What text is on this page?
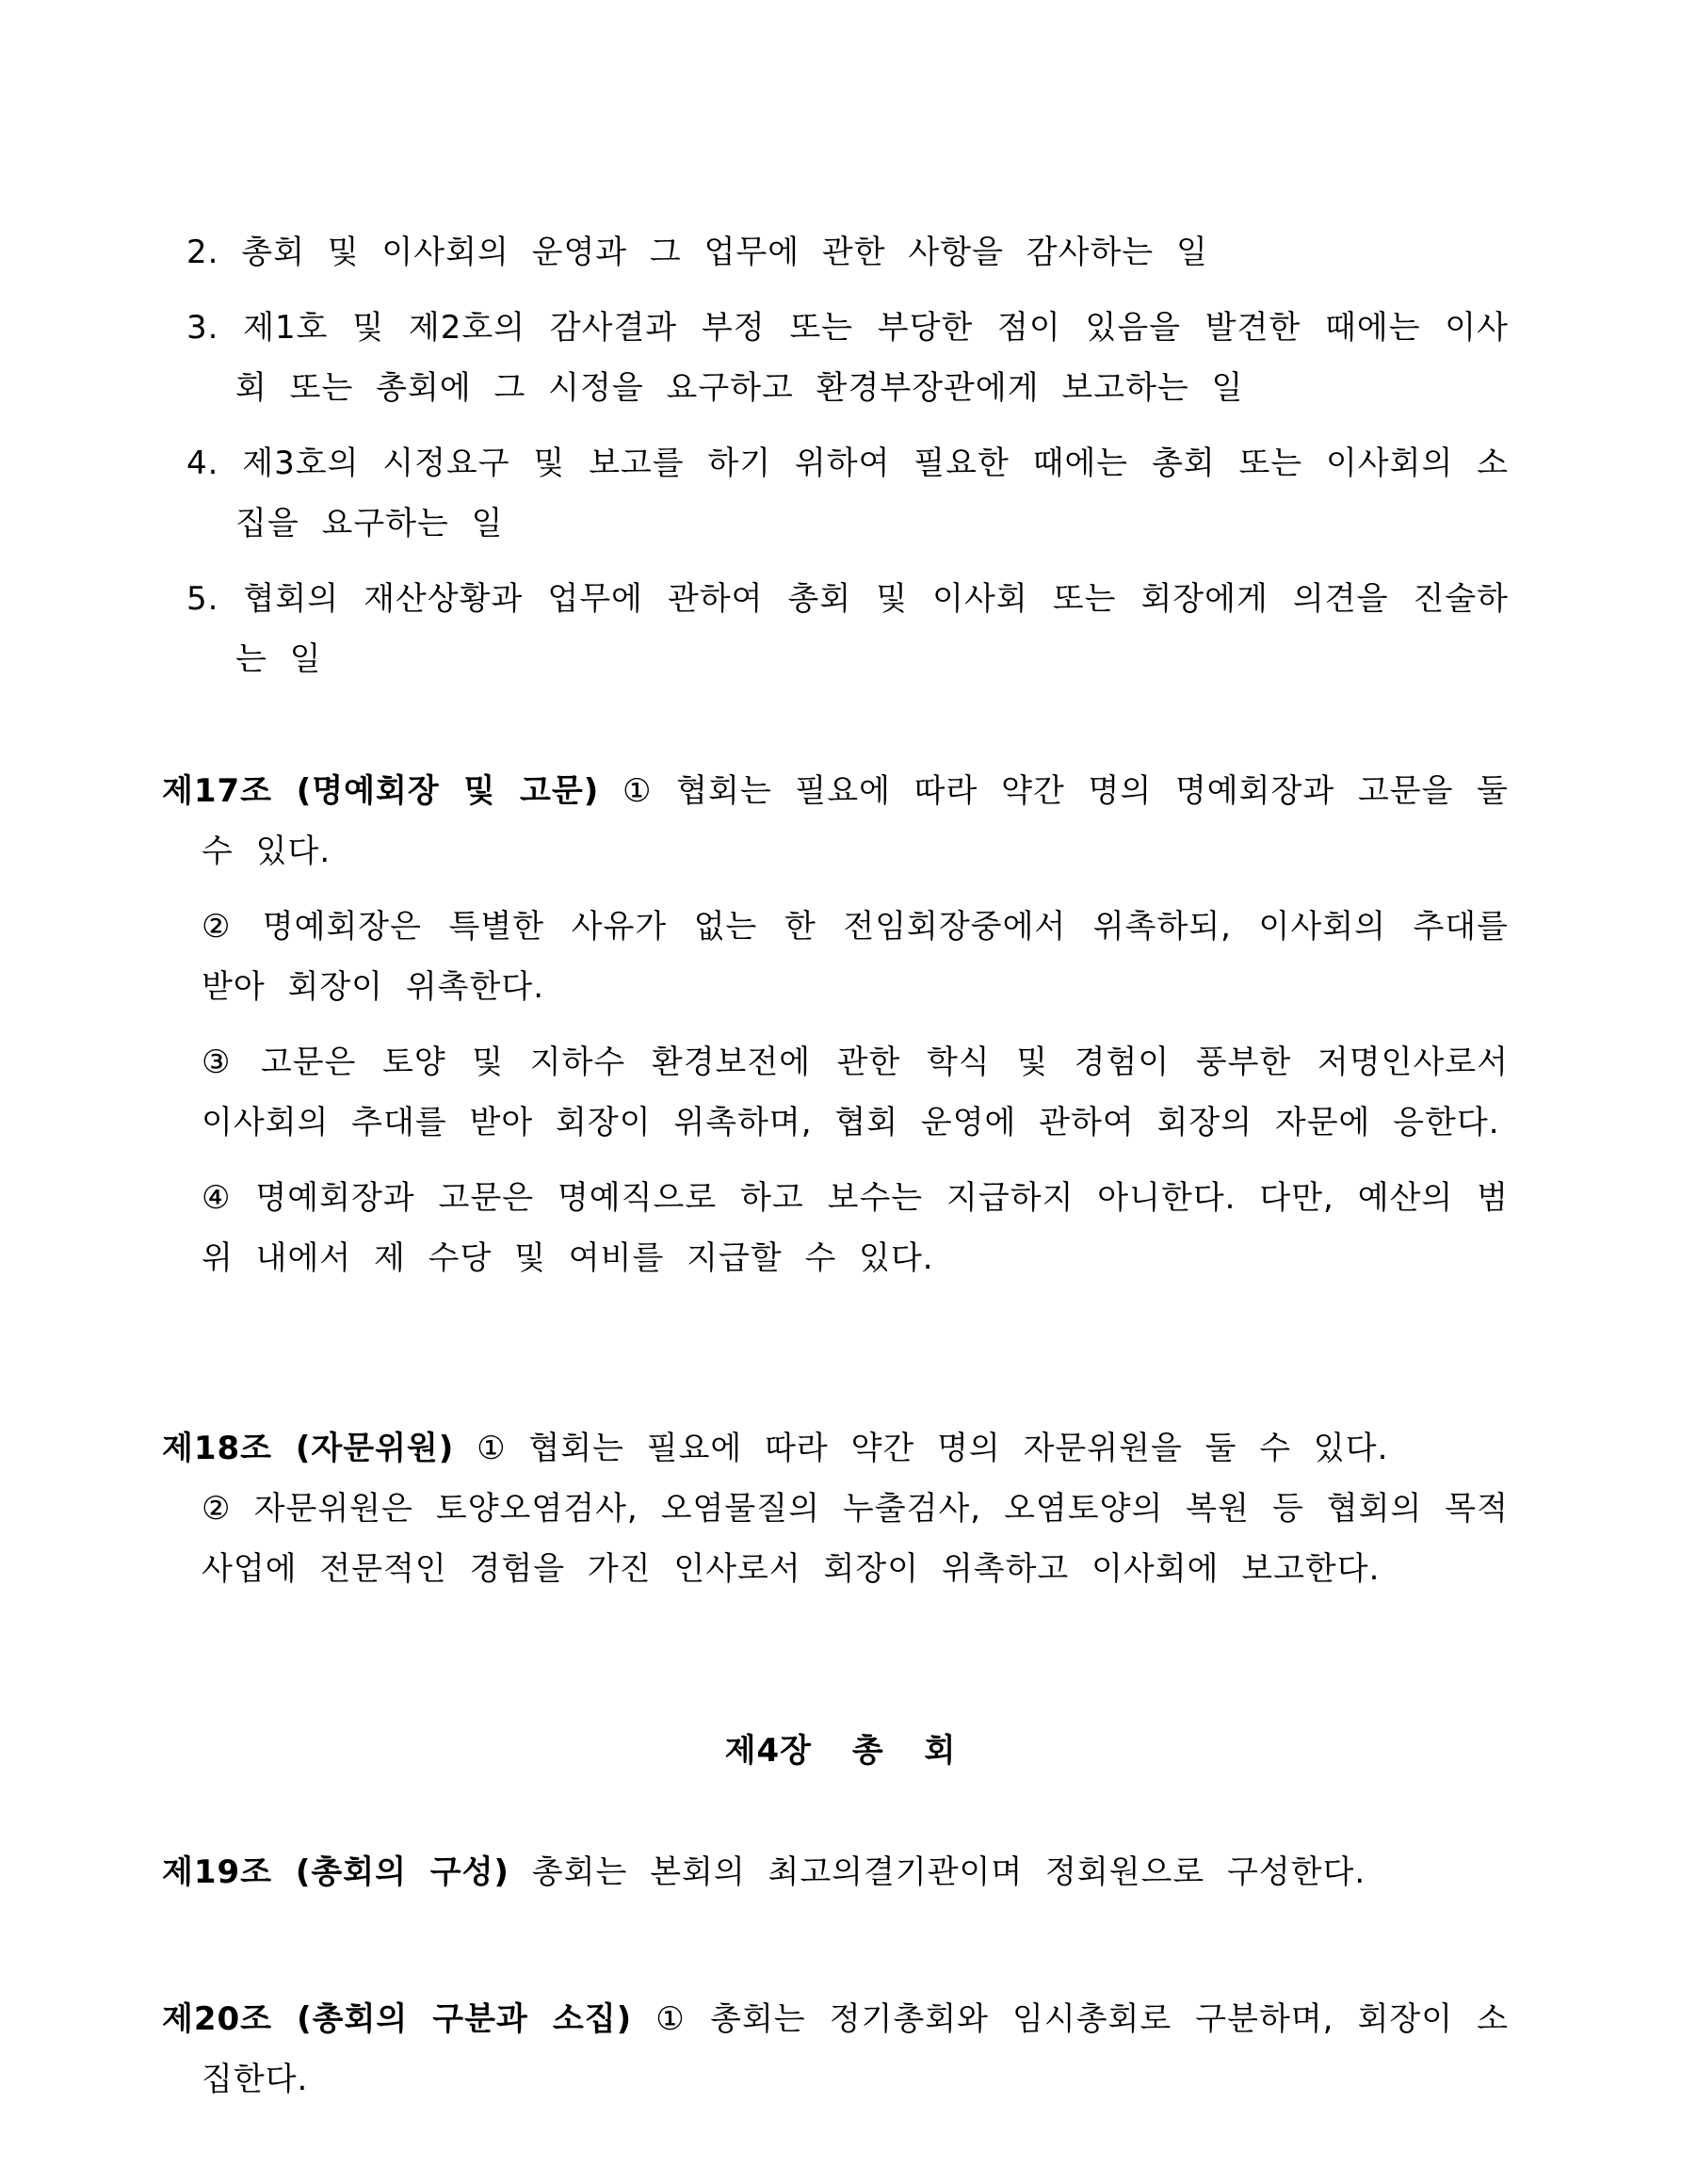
2. 총회 및 이사회의 운영과 그 업무에 관한 사항을 감사하는 일
3. 제1호 및 제2호의 감사결과 부정 또는 부당한 점이 있음을 발견한 때에는 이사회 또는 총회에 그 시정을 요구하고 환경부장관에게 보고하는 일
4. 제3호의 시정요구 및 보고를 하기 위하여 필요한 때에는 총회 또는 이사회의 소집을 요구하는 일
5. 협회의 재산상황과 업무에 관하여 총회 및 이사회 또는 회장에게 의견을 진술하는 일
제17조 (명예회장 및 고문) ① 협회는 필요에 따라 약간 명의 명예회장과 고문을 둘 수 있다.
② 명예회장은 특별한 사유가 없는 한 전임회장중에서 위촉하되, 이사회의 추대를 받아 회장이 위촉한다.
③ 고문은 토양 및 지하수 환경보전에 관한 학식 및 경험이 풍부한 저명인사로서 이사회의 추대를 받아 회장이 위촉하며, 협회 운영에 관하여 회장의 자문에 응한다.
④ 명예회장과 고문은 명예직으로 하고 보수는 지급하지 아니한다. 다만, 예산의 범위 내에서 제 수당 및 여비를 지급할 수 있다.
제18조 (자문위원) ① 협회는 필요에 따라 약간 명의 자문위원을 둘 수 있다.
② 자문위원은 토양오염검사, 오염물질의 누출검사, 오염토양의 복원 등 협회의 목적사업에 전문적인 경험을 가진 인사로서 회장이 위촉하고 이사회에 보고한다.
제4장 총 회
제19조 (총회의 구성) 총회는 본회의 최고의결기관이며 정회원으로 구성한다.
제20조 (총회의 구분과 소집) ① 총회는 정기총회와 임시총회로 구분하며, 회장이 소집한다.
